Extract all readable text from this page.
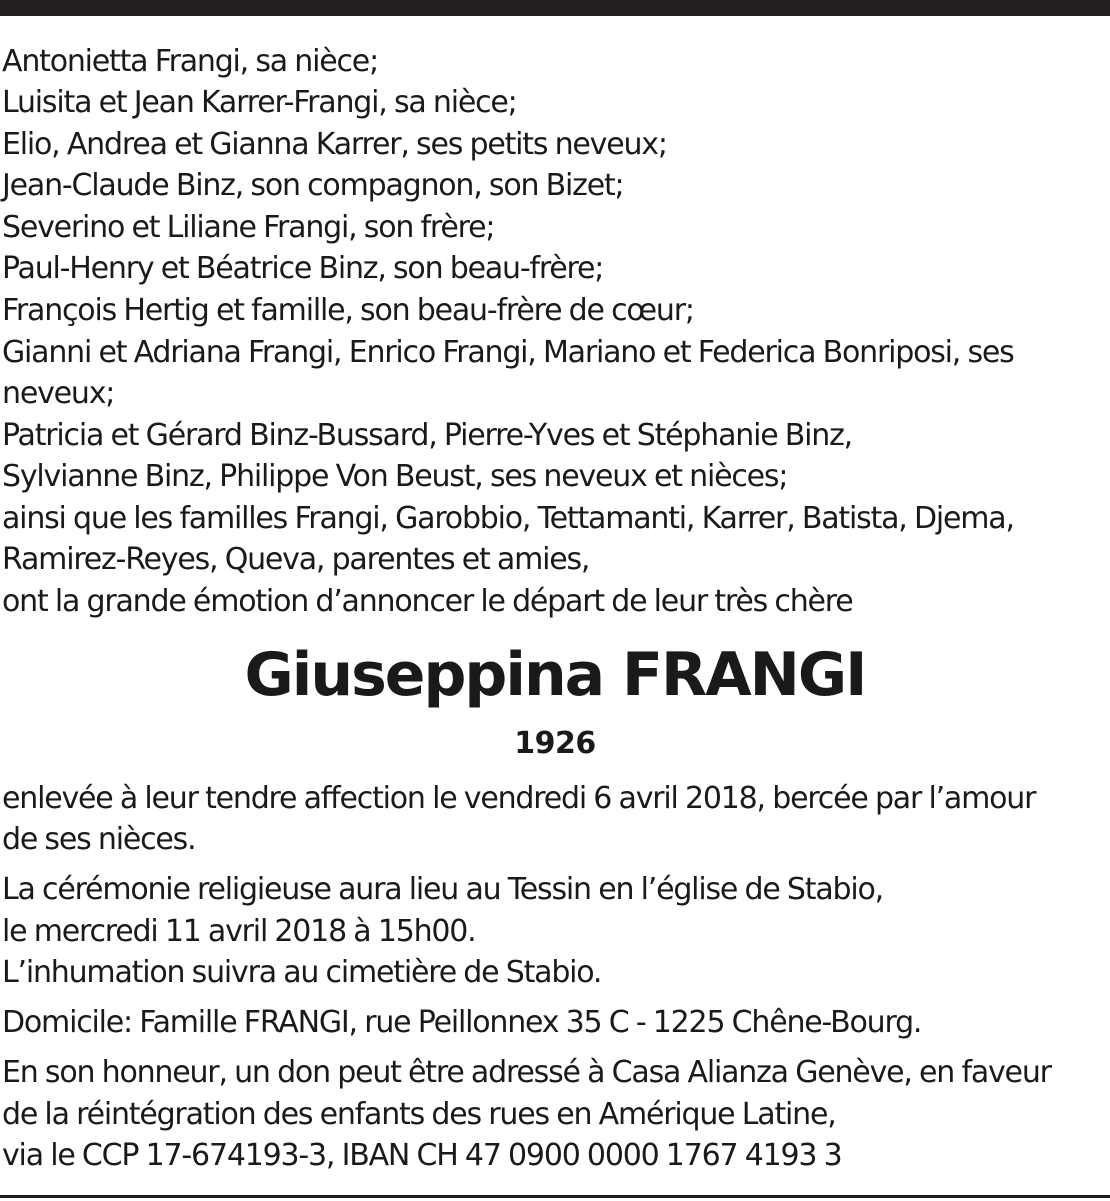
Antonietta Frangi, sa nièce;
Luisita et Jean Karrer-Frangi, sa nièce;
Elio, Andrea et Gianna Karrer, ses petits neveux;
Jean-Claude Binz, son compagnon, son Bizet;
Severino et Liliane Frangi, son frère;
Paul-Henry et Béatrice Binz, son beau-frère;
François Hertig et famille, son beau-frère de cœur;
Gianni et Adriana Frangi, Enrico Frangi, Mariano et Federica Bonriposi, ses
neveux;
Patricia et Gérard Binz-Bussard, Pierre-Yves et Stéphanie Binz,
Sylvianne Binz, Philippe Von Beust, ses neveux et nièces;
ainsi que les familles Frangi, Garobbio, Tettamanti, Karrer, Batista, Djema,
Ramirez-Reyes, Queva, parentes et amies,
ont la grande émotion d’annoncer le départ de leur très chère
Giuseppina FRANGI
1926
enlevée à leur tendre affection le vendredi 6 avril 2018, bercée par l’amour
de ses nièces.
La cérémonie religieuse aura lieu au Tessin en l’église de Stabio,
le mercredi 11 avril 2018 à 15h00.
L’inhumation suivra au cimetière de Stabio.
Domicile: Famille FRANGI, rue Peillonnex 35 C - 1225 Chêne-Bourg.
En son honneur, un don peut être adressé à Casa Alianza Genève, en faveur
de la réintégration des enfants des rues en Amérique Latine,
via le CCP 17-674193-3, IBAN CH 47 0900 0000 1767 4193 3
